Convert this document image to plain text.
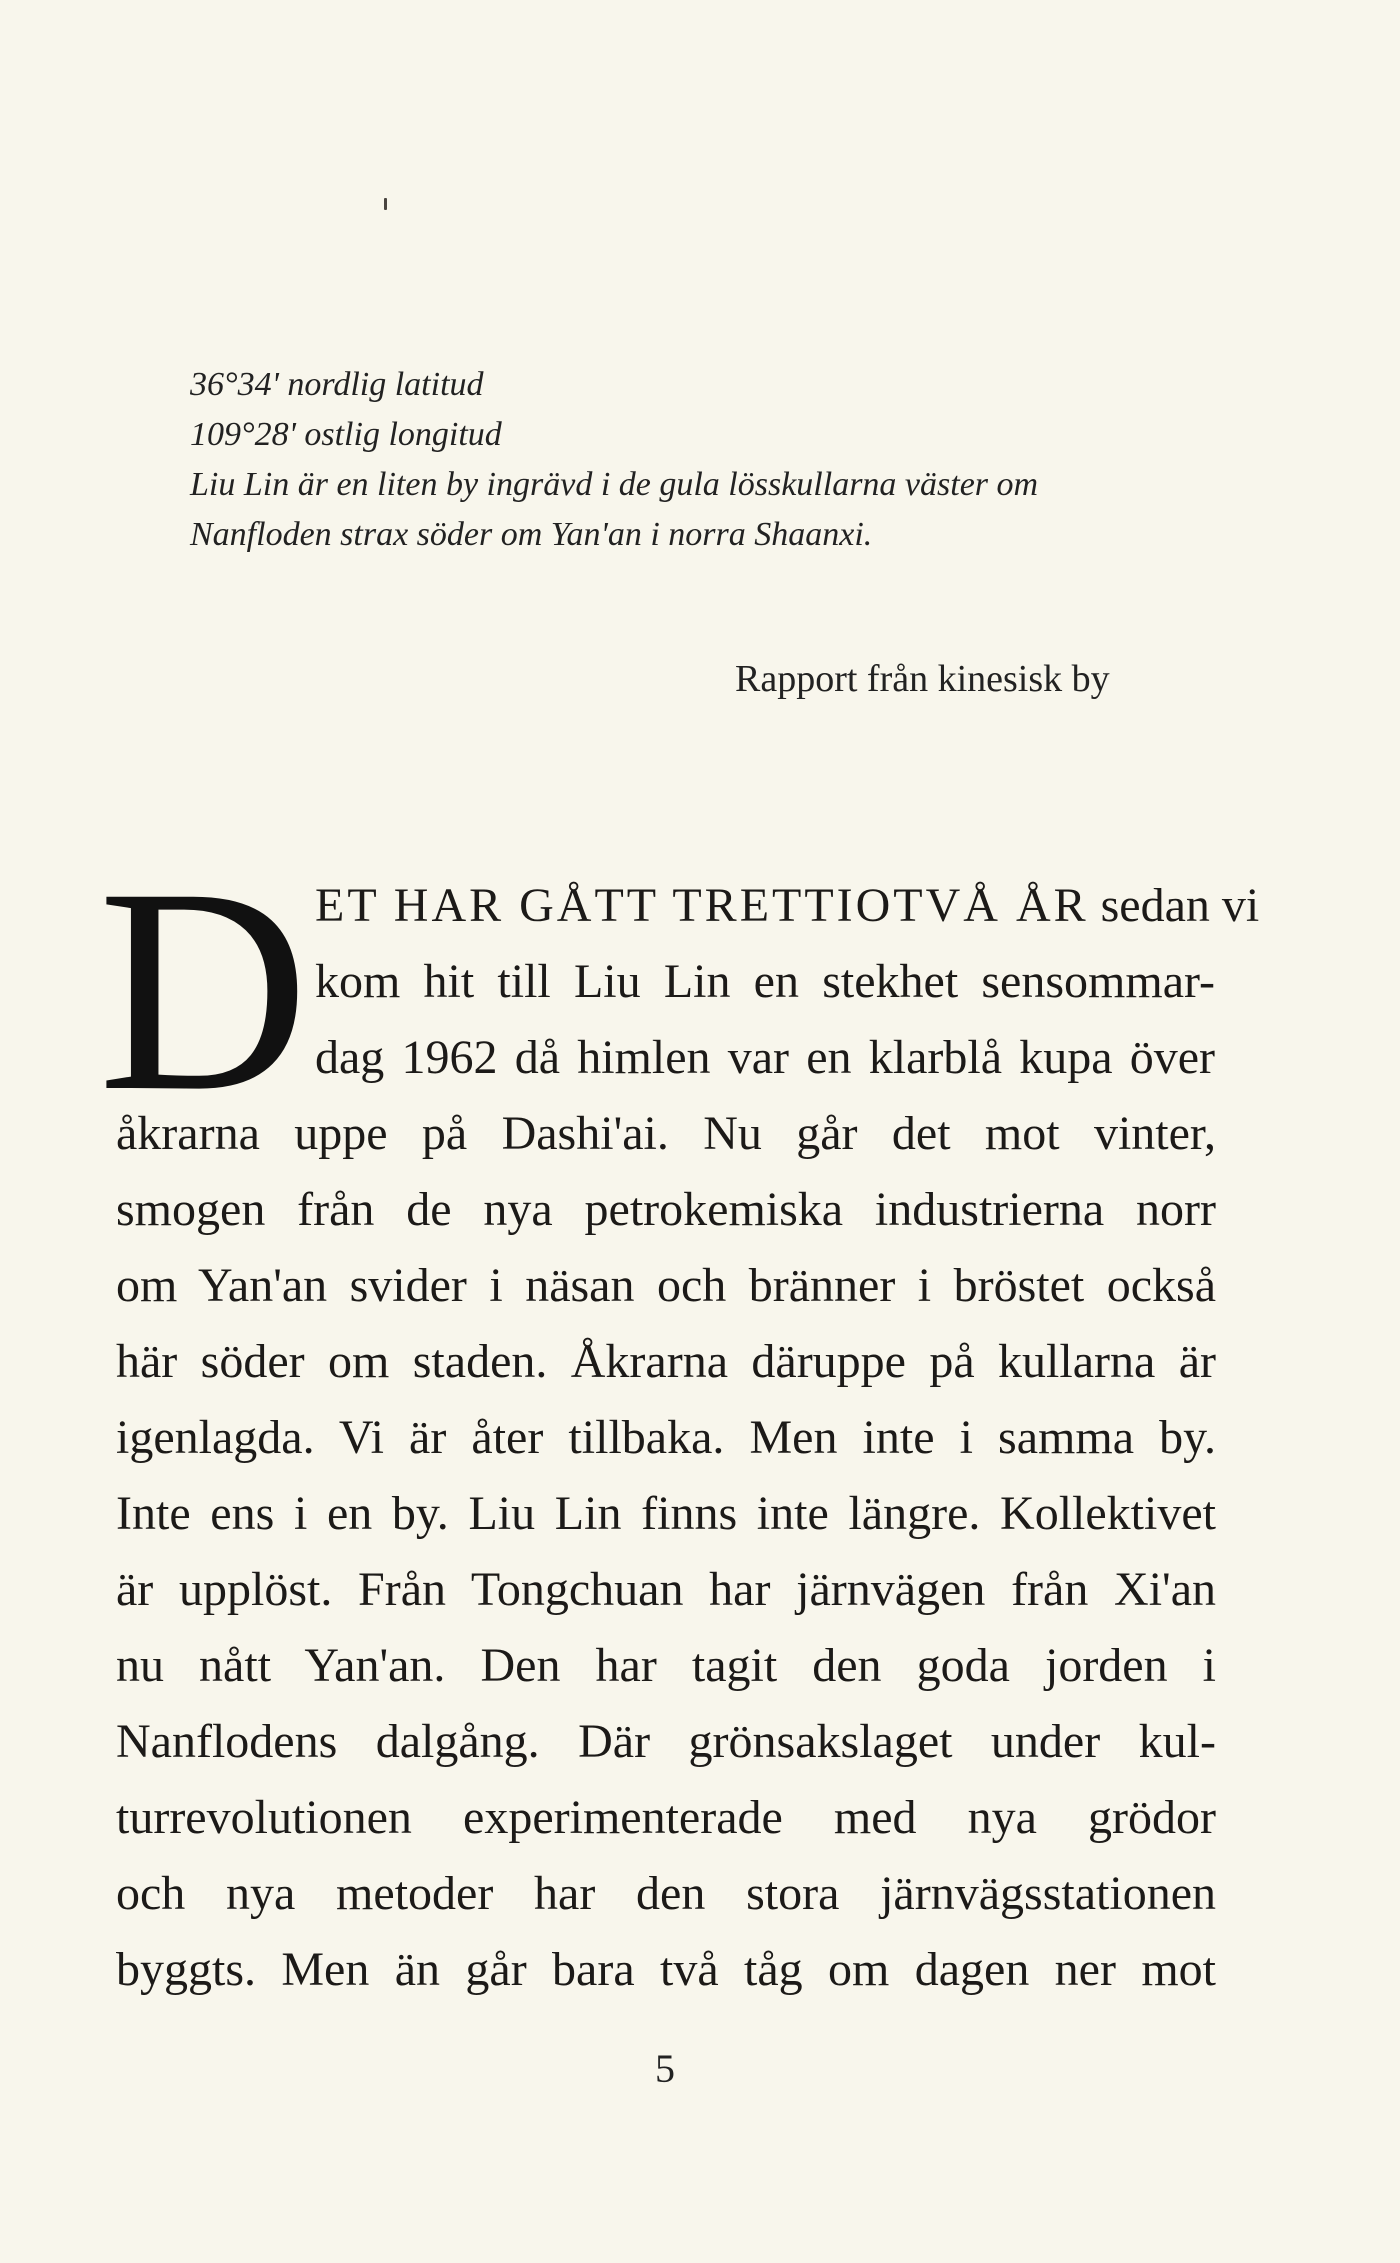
36°34' nordlig latitud
109°28' ostlig longitud
Liu Lin är en liten by ingrävd i de gula lösskullarna väster om
Nanfloden strax söder om Yan'an i norra Shaanxi.
Rapport från kinesisk by
D ET HAR GÅTT TRETTIOTVÅ ÅR sedan vi
kom hit till Liu Lin en stekhet sensommar-
dag 1962 då himlen var en klarblå kupa över
åkrarna uppe på Dashi'ai. Nu går det mot vinter,
smogen från de nya petrokemiska industrierna norr
om Yan'an svider i näsan och bränner i bröstet också
här söder om staden. Åkrarna däruppe på kullarna är
igenlagda. Vi är åter tillbaka. Men inte i samma by.
Inte ens i en by. Liu Lin finns inte längre. Kollektivet
är upplöst. Från Tongchuan har järnvägen från Xi'an
nu nått Yan'an. Den har tagit den goda jorden i
Nanflodens dalgång. Där grönsakslaget under kul-
turrevolutionen experimenterade med nya grödor
och nya metoder har den stora järnvägsstationen
byggts. Men än går bara två tåg om dagen ner mot
5
